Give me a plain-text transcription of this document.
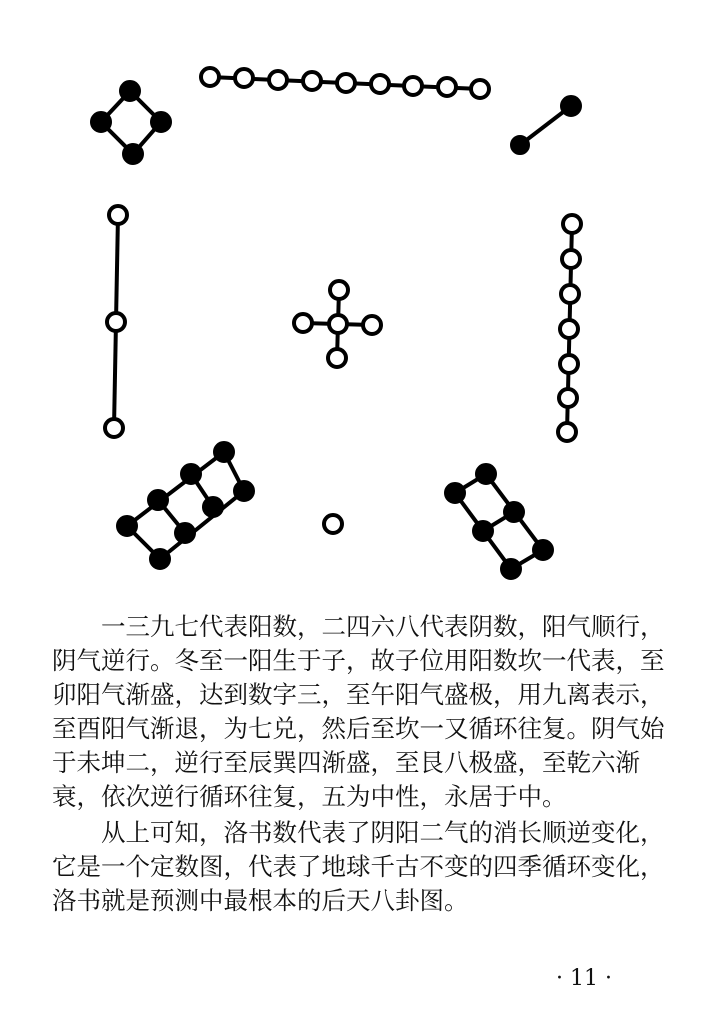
　　一三九七代表阳数，二四六八代表阴数，阳气顺行，阴气逆行。冬至一阳生于子，故子位用阳数坎一代表，至卯阳气渐盛，达到数字三，至午阳气盛极，用九离表示，至酉阳气渐退，为七兑，然后至坎一又循环往复。阴气始于未坤二，逆行至辰巽四渐盛，至艮八极盛，至乾六渐衰，依次逆行循环往复，五为中性，永居于中。

　　从上可知，洛书数代表了阴阳二气的消长顺逆变化，它是一个定数图，代表了地球千古不变的四季循环变化，洛书就是预测中最根本的后天八卦图。

· 11 ·
